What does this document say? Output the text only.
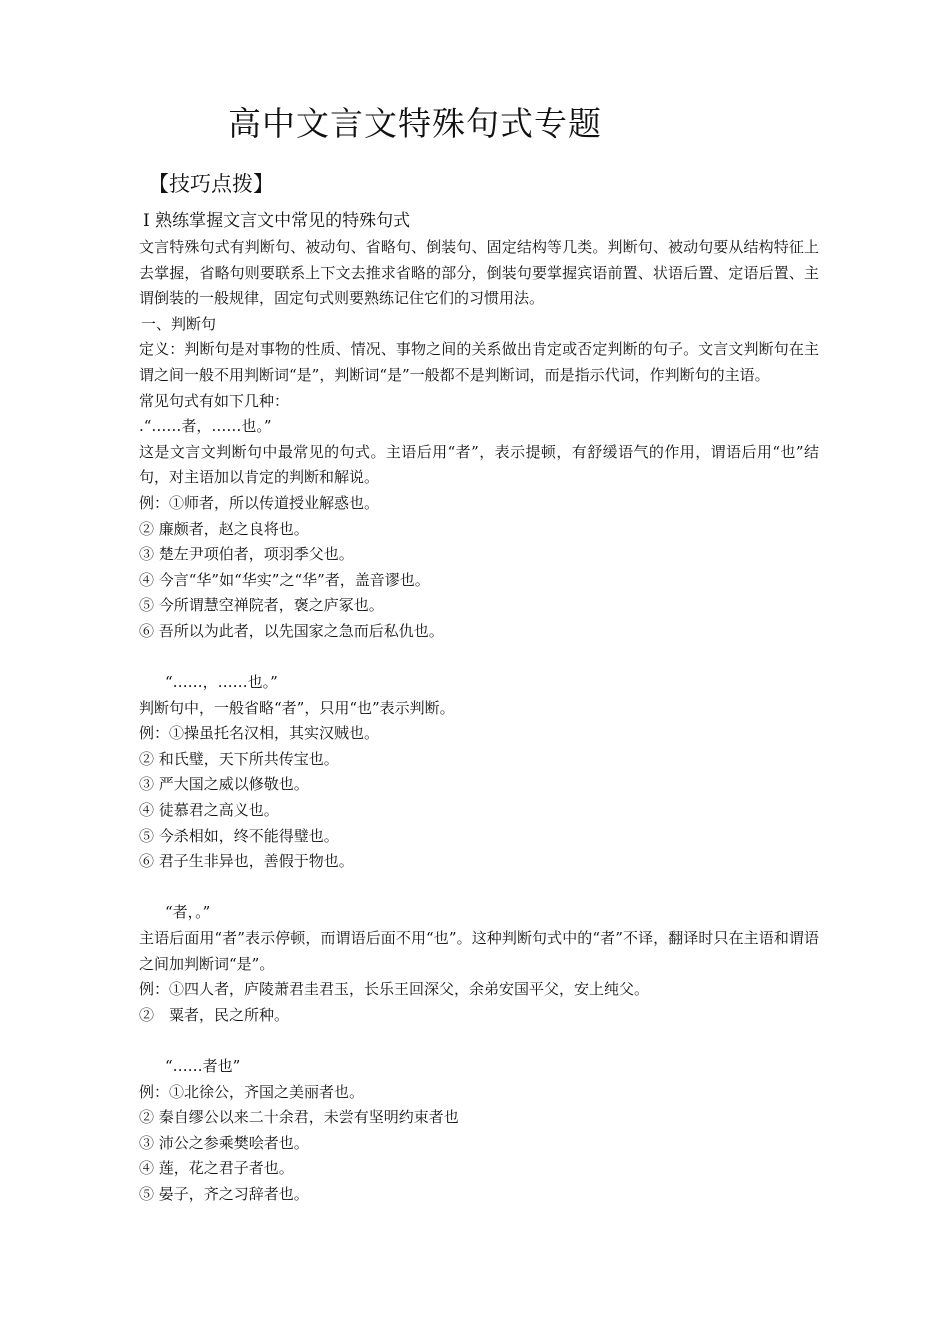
高中文言文特殊句式专题
【技巧点拨】
I 熟练掌握文言文中常见的特殊句式
文言特殊句式有判断句、被动句、省略句、倒装句、固定结构等几类。判断句、被动句要从结构特征上去掌握，省略句则要联系上下文去推求省略的部分，倒装句要掌握宾语前置、状语后置、定语后置、主谓倒装的一般规律，固定句式则要熟练记住它们的习惯用法。
一、判断句
定义：判断句是对事物的性质、情况、事物之间的关系做出肯定或否定判断的句子。文言文判断句在主谓之间一般不用判断词“是”，判断词“是”一般都不是判断词，而是指示代词，作判断句的主语。
常见句式有如下几种：
.“……者，……也。”
这是文言文判断句中最常见的句式。主语后用“者”，表示提顿，有舒缓语气的作用，谓语后用“也”结句，对主语加以肯定的判断和解说。
例：①师者，所以传道授业解惑也。
② 廉颇者，赵之良将也。
③ 楚左尹项伯者，项羽季父也。
④ 今言“华”如“华实”之“华”者，盖音谬也。
⑤ 今所谓慧空禅院者，褒之庐冢也。
⑥ 吾所以为此者，以先国家之急而后私仇也。
“……，……也。”
判断句中，一般省略“者”，只用“也”表示判断。
例：①操虽托名汉相，其实汉贼也。
② 和氏璧，天下所共传宝也。
③ 严大国之威以修敬也。
④ 徒慕君之高义也。
⑤ 今杀相如，终不能得璧也。
⑥ 君子生非异也，善假于物也。
“者，。”
主语后面用“者”表示停顿，而谓语后面不用“也”。这种判断句式中的“者”不译，翻译时只在主语和谓语之间加判断词“是”。
例：①四人者，庐陵萧君圭君玉，长乐王回深父，余弟安国平父，安上纯父。
②　粟者，民之所种。
“……者也”
例：①北徐公，齐国之美丽者也。
② 秦自缪公以来二十余君，未尝有坚明约束者也
③ 沛公之参乘樊哙者也。
④ 莲，花之君子者也。
⑤ 晏子，齐之习辞者也。
